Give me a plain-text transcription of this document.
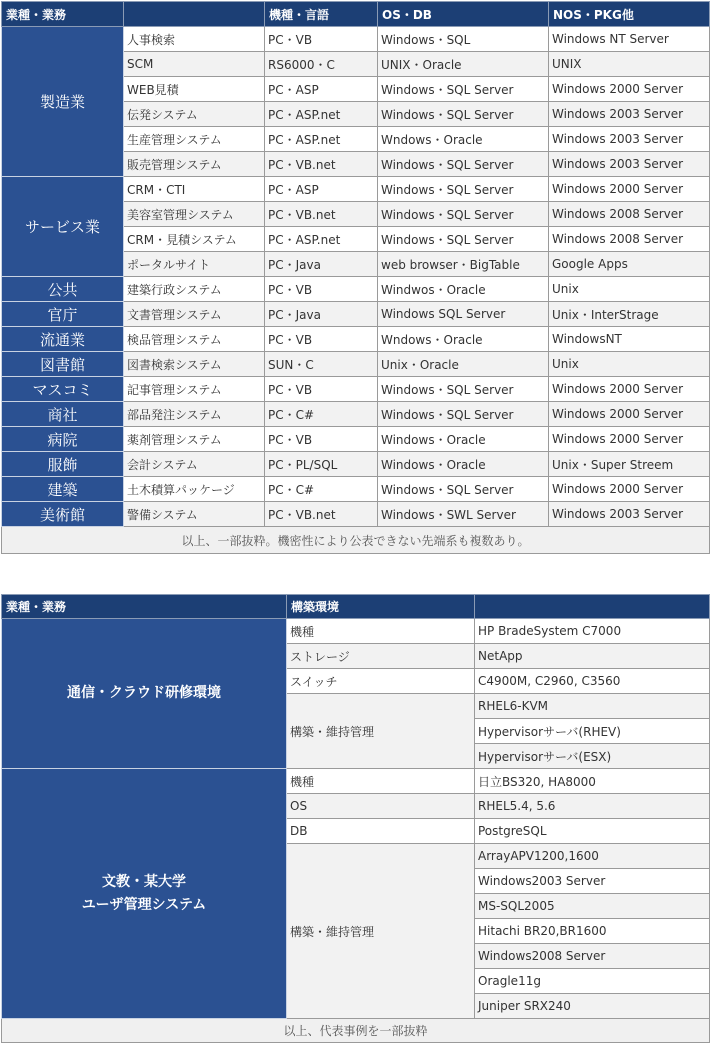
業種・業務		機種・言語	OS・DB	NOS・PKG他
製造業	人事検索	PC・VB	Windows・SQL	Windows NT Server
	SCM	RS6000・C	UNIX・Oracle	UNIX
	WEB見積	PC・ASP	Windows・SQL Server	Windows 2000 Server
	伝発システム	PC・ASP.net	Windows・SQL Server	Windows 2003 Server
	生産管理システム	PC・ASP.net	Wndows・Oracle	Windows 2003 Server
	販売管理システム	PC・VB.net	Windows・SQL Server	Windows 2003 Server
サービス業	CRM・CTI	PC・ASP	Windows・SQL Server	Windows 2000 Server
	美容室管理システム	PC・VB.net	Windows・SQL Server	Windows 2008 Server
	CRM・見積システム	PC・ASP.net	Windows・SQL Server	Windows 2008 Server
	ポータルサイト	PC・Java	web browser・BigTable	Google Apps
公共	建築行政システム	PC・VB	Windwos・Oracle	Unix
官庁	文書管理システム	PC・Java	Windows SQL Server	Unix・InterStrage
流通業	検品管理システム	PC・VB	Wndows・Oracle	WindowsNT
図書館	図書検索システム	SUN・C	Unix・Oracle	Unix
マスコミ	記事管理システム	PC・VB	Windows・SQL Server	Windows 2000 Server
商社	部品発注システム	PC・C#	Windows・SQL Server	Windows 2000 Server
病院	薬剤管理システム	PC・VB	Windows・Oracle	Windows 2000 Server
服飾	会計システム	PC・PL/SQL	Windows・Oracle	Unix・Super Streem
建築	土木積算パッケージ	PC・C#	Windows・SQL Server	Windows 2000 Server
美術館	警備システム	PC・VB.net	Windows・SWL Server	Windows 2003 Server
以上、一部抜粋。機密性により公表できない先端系も複数あり。				
業種・業務	構築環境	

通信・クラウド研修環境	機種	HP BradeSystem C7000
	ストレージ	NetApp
	スイッチ	C4900M, C2960, C3560
	構築・維持管理	RHEL6-KVM
		Hypervisorサーバ(RHEV)
		Hypervisorサーバ(ESX)

文教・某大学
ユーザ管理システム	機種	日立BS320, HA8000
	OS	RHEL5.4, 5.6
	DB	PostgreSQL
	構築・維持管理	ArrayAPV1200,1600
		Windows2003 Server
		MS-SQL2005
		Hitachi BR20,BR1600
		Windows2008 Server
		Oragle11g
		Juniper SRX240
以上、代表事例を一部抜粋		
